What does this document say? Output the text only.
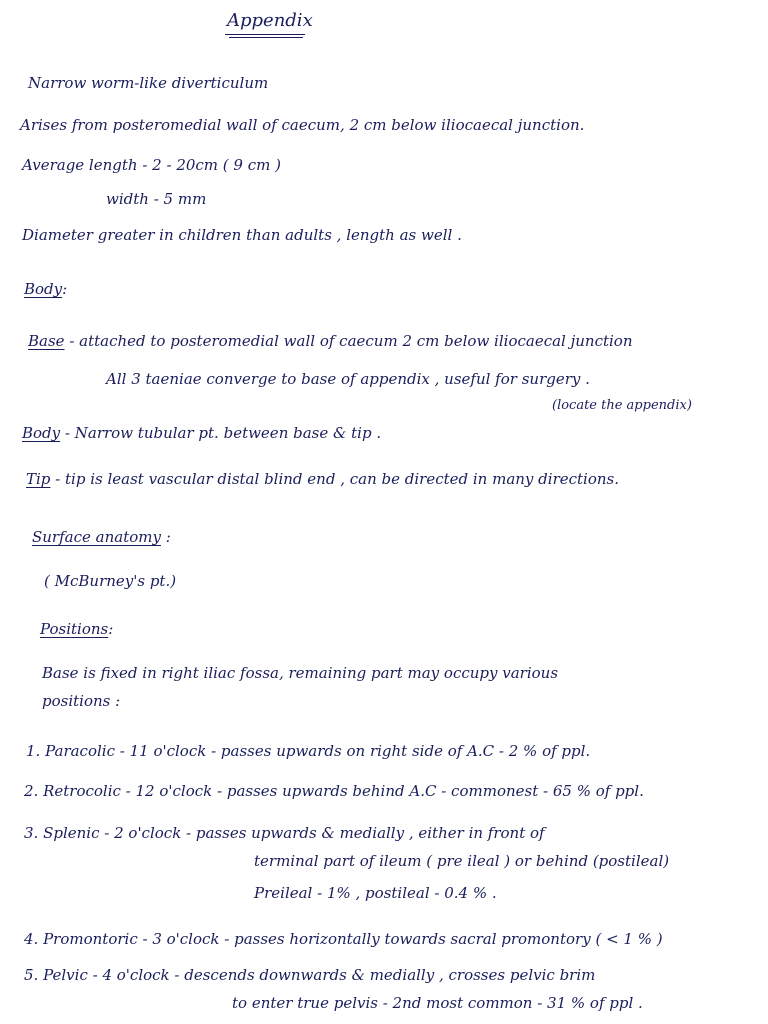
Appendix
Narrow worm-like diverticulum
Arises from posteromedial wall of caecum, 2 cm below iliocaecal junction.
Average length - 2 - 20cm ( 9 cm )
width - 5 mm
Diameter greater in children than adults , length as well .
Body:
Base - attached to posteromedial wall of caecum 2 cm below iliocaecal junction
All 3 taeniae converge to base of appendix , useful for surgery .
(locate the appendix)
Body - Narrow tubular pt. between base & tip .
Tip - tip is least vascular distal blind end , can be directed in many directions.
Surface anatomy :
( McBurney's pt.)
Positions:
Base is fixed in right iliac fossa, remaining part may occupy various
positions :
1. Paracolic - 11 o'clock - passes upwards on right side of A.C - 2 % of ppl.
2. Retrocolic - 12 o'clock - passes upwards behind A.C - commonest - 65 % of ppl.
3. Splenic - 2 o'clock - passes upwards & medially , either in front of
terminal part of ileum ( pre ileal ) or behind (postileal)
Preileal - 1% , postileal - 0.4 % .
4. Promontoric - 3 o'clock - passes horizontally towards sacral promontory ( < 1 % )
5. Pelvic - 4 o'clock - descends downwards & medially , crosses pelvic brim
to enter true pelvis - 2nd most common - 31 % of ppl .
